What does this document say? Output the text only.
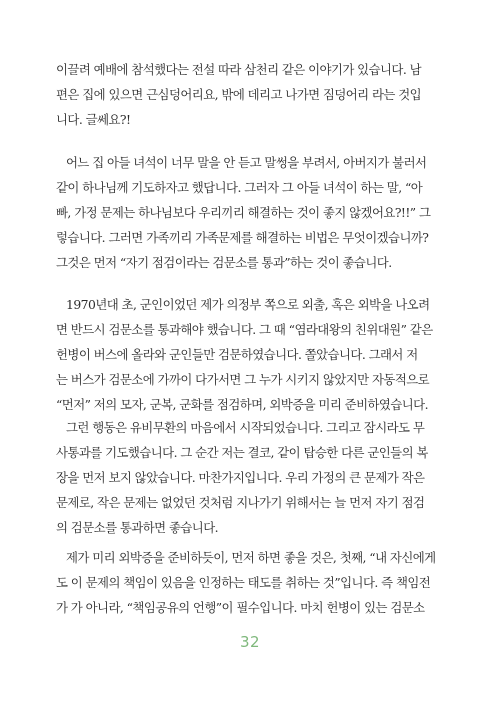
이끌려 예배에 참석했다는 전설 따라 삼천리 같은 이야기가 있습니다. 남
편은 집에 있으면 근심덩어리요, 밖에 데리고 나가면 짐덩어리 라는 것입
니다. 글쎄요?!

어느 집 아들 녀석이 너무 말을 안 듣고 말썽을 부려서, 아버지가 불러서
같이 하나님께 기도하자고 했답니다. 그러자 그 아들 녀석이 하는 말, “아
빠, 가정 문제는 하나님보다 우리끼리 해결하는 것이 좋지 않겠어요?!!” 그
렇습니다. 그러면 가족끼리 가족문제를 해결하는 비법은 무엇이겠습니까?
그것은 먼저 “자기 점검이라는 검문소를 통과”하는 것이 좋습니다.

1970년대 초, 군인이었던 제가 의정부 쪽으로 외출, 혹은 외박을 나오려
면 반드시 검문소를 통과해야 했습니다. 그 때 “염라대왕의 친위대원” 같은
헌병이 버스에 올라와 군인들만 검문하였습니다. 쫄았습니다. 그래서 저
는 버스가 검문소에 가까이 다가서면 그 누가 시키지 않았지만 자동적으로
“먼저” 저의 모자, 군복, 군화를 점검하며, 외박증을 미리 준비하였습니다.

그런 행동은 유비무환의 마음에서 시작되었습니다. 그리고 잠시라도 무
사통과를 기도했습니다. 그 순간 저는 결코, 같이 탑승한 다른 군인들의 복
장을 먼저 보지 않았습니다. 마찬가지입니다. 우리 가정의 큰 문제가 작은
문제로, 작은 문제는 없었던 것처럼 지나가기 위해서는 늘 먼저 자기 점검
의 검문소를 통과하면 좋습니다.

제가 미리 외박증을 준비하듯이, 먼저 하면 좋을 것은, 첫째, “내 자신에게
도 이 문제의 책임이 있음을 인정하는 태도를 취하는 것”입니다. 즉 책임전
가 가 아니라, “책임공유의 언행”이 필수입니다. 마치 헌병이 있는 검문소

32
